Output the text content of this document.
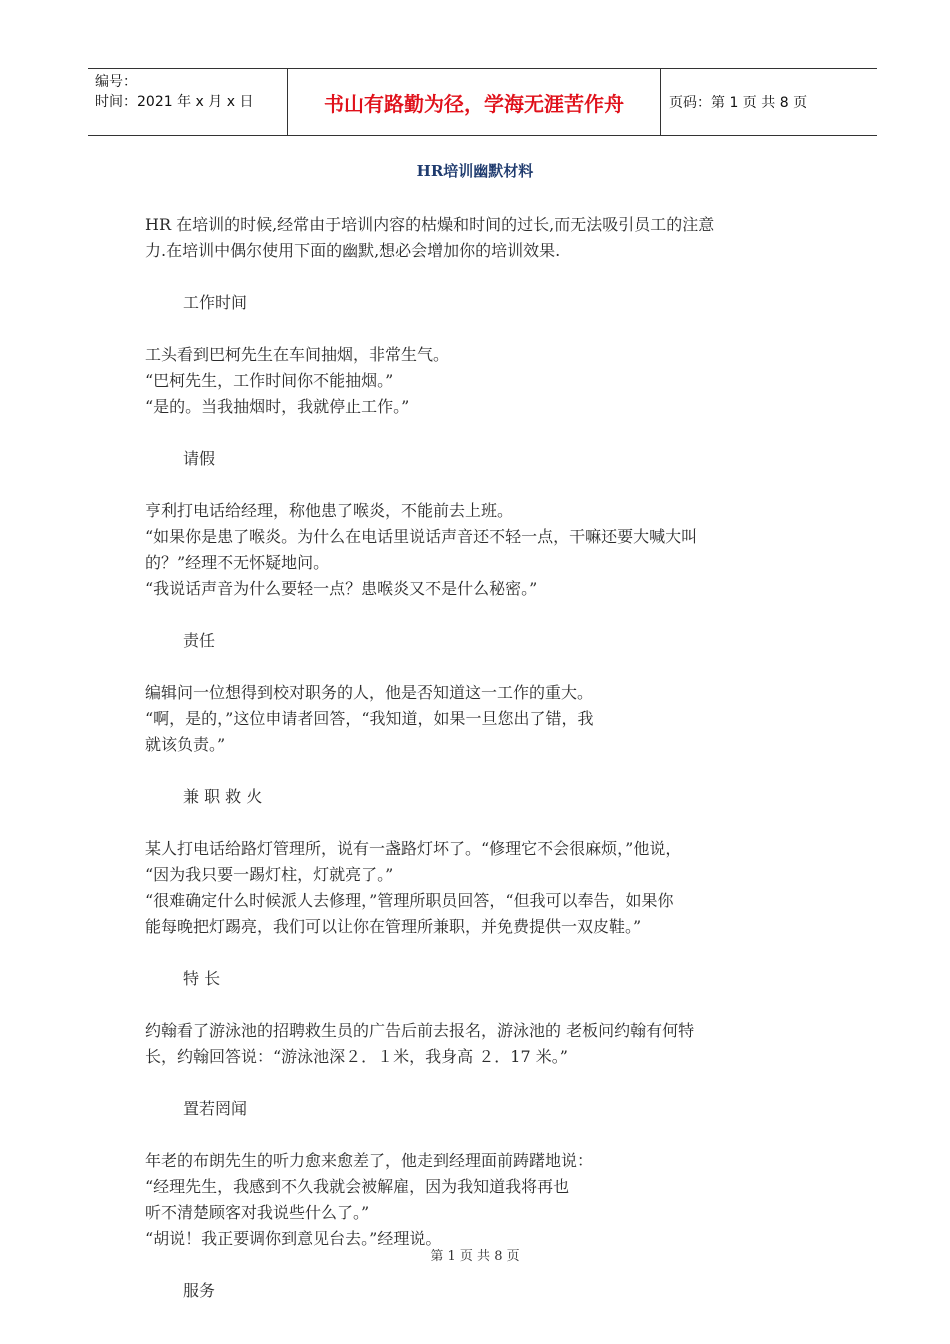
编号：
时间：2021 年 x 月 x 日	书山有路勤为径，学海无涯苦作舟	页码：第 1 页 共 8 页
HR培训幽默材料

HR 在培训的时候,经常由于培训内容的枯燥和时间的过长,而无法吸引员工的注意
力.在培训中偶尔使用下面的幽默,想必会增加你的培训效果.

工作时间

工头看到巴柯先生在车间抽烟，非常生气。
“巴柯先生，工作时间你不能抽烟。”
“是的。当我抽烟时，我就停止工作。”

请假

亨利打电话给经理，称他患了喉炎，不能前去上班。
“如果你是患了喉炎。为什么在电话里说话声音还不轻一点，干嘛还要大喊大叫
的？”经理不无怀疑地问。
“我说话声音为什么要轻一点？患喉炎又不是什么秘密。”

责任

编辑问一位想得到校对职务的人，他是否知道这一工作的重大。
“啊，是的，”这位申请者回答，“我知道，如果一旦您出了错，我
就该负责。”

兼 职 救 火

某人打电话给路灯管理所，说有一盏路灯坏了。“修理它不会很麻烦，”他说，
“因为我只要一踢灯柱，灯就亮了。”
“很难确定什么时候派人去修理，”管理所职员回答，“但我可以奉告，如果你
能每晚把灯踢亮，我们可以让你在管理所兼职，并免费提供一双皮鞋。”

特 长

约翰看了游泳池的招聘救生员的广告后前去报名，游泳池的 老板问约翰有何特
长，约翰回答说：“游泳池深２．１米，我身高 ２．17 米。”

置若罔闻

年老的布朗先生的听力愈来愈差了，他走到经理面前踌躇地说：
“经理先生，我感到不久我就会被解雇，因为我知道我将再也
听不清楚顾客对我说些什么了。”
“胡说！我正要调你到意见台去。”经理说。

服务

第 1 页 共 8 页
